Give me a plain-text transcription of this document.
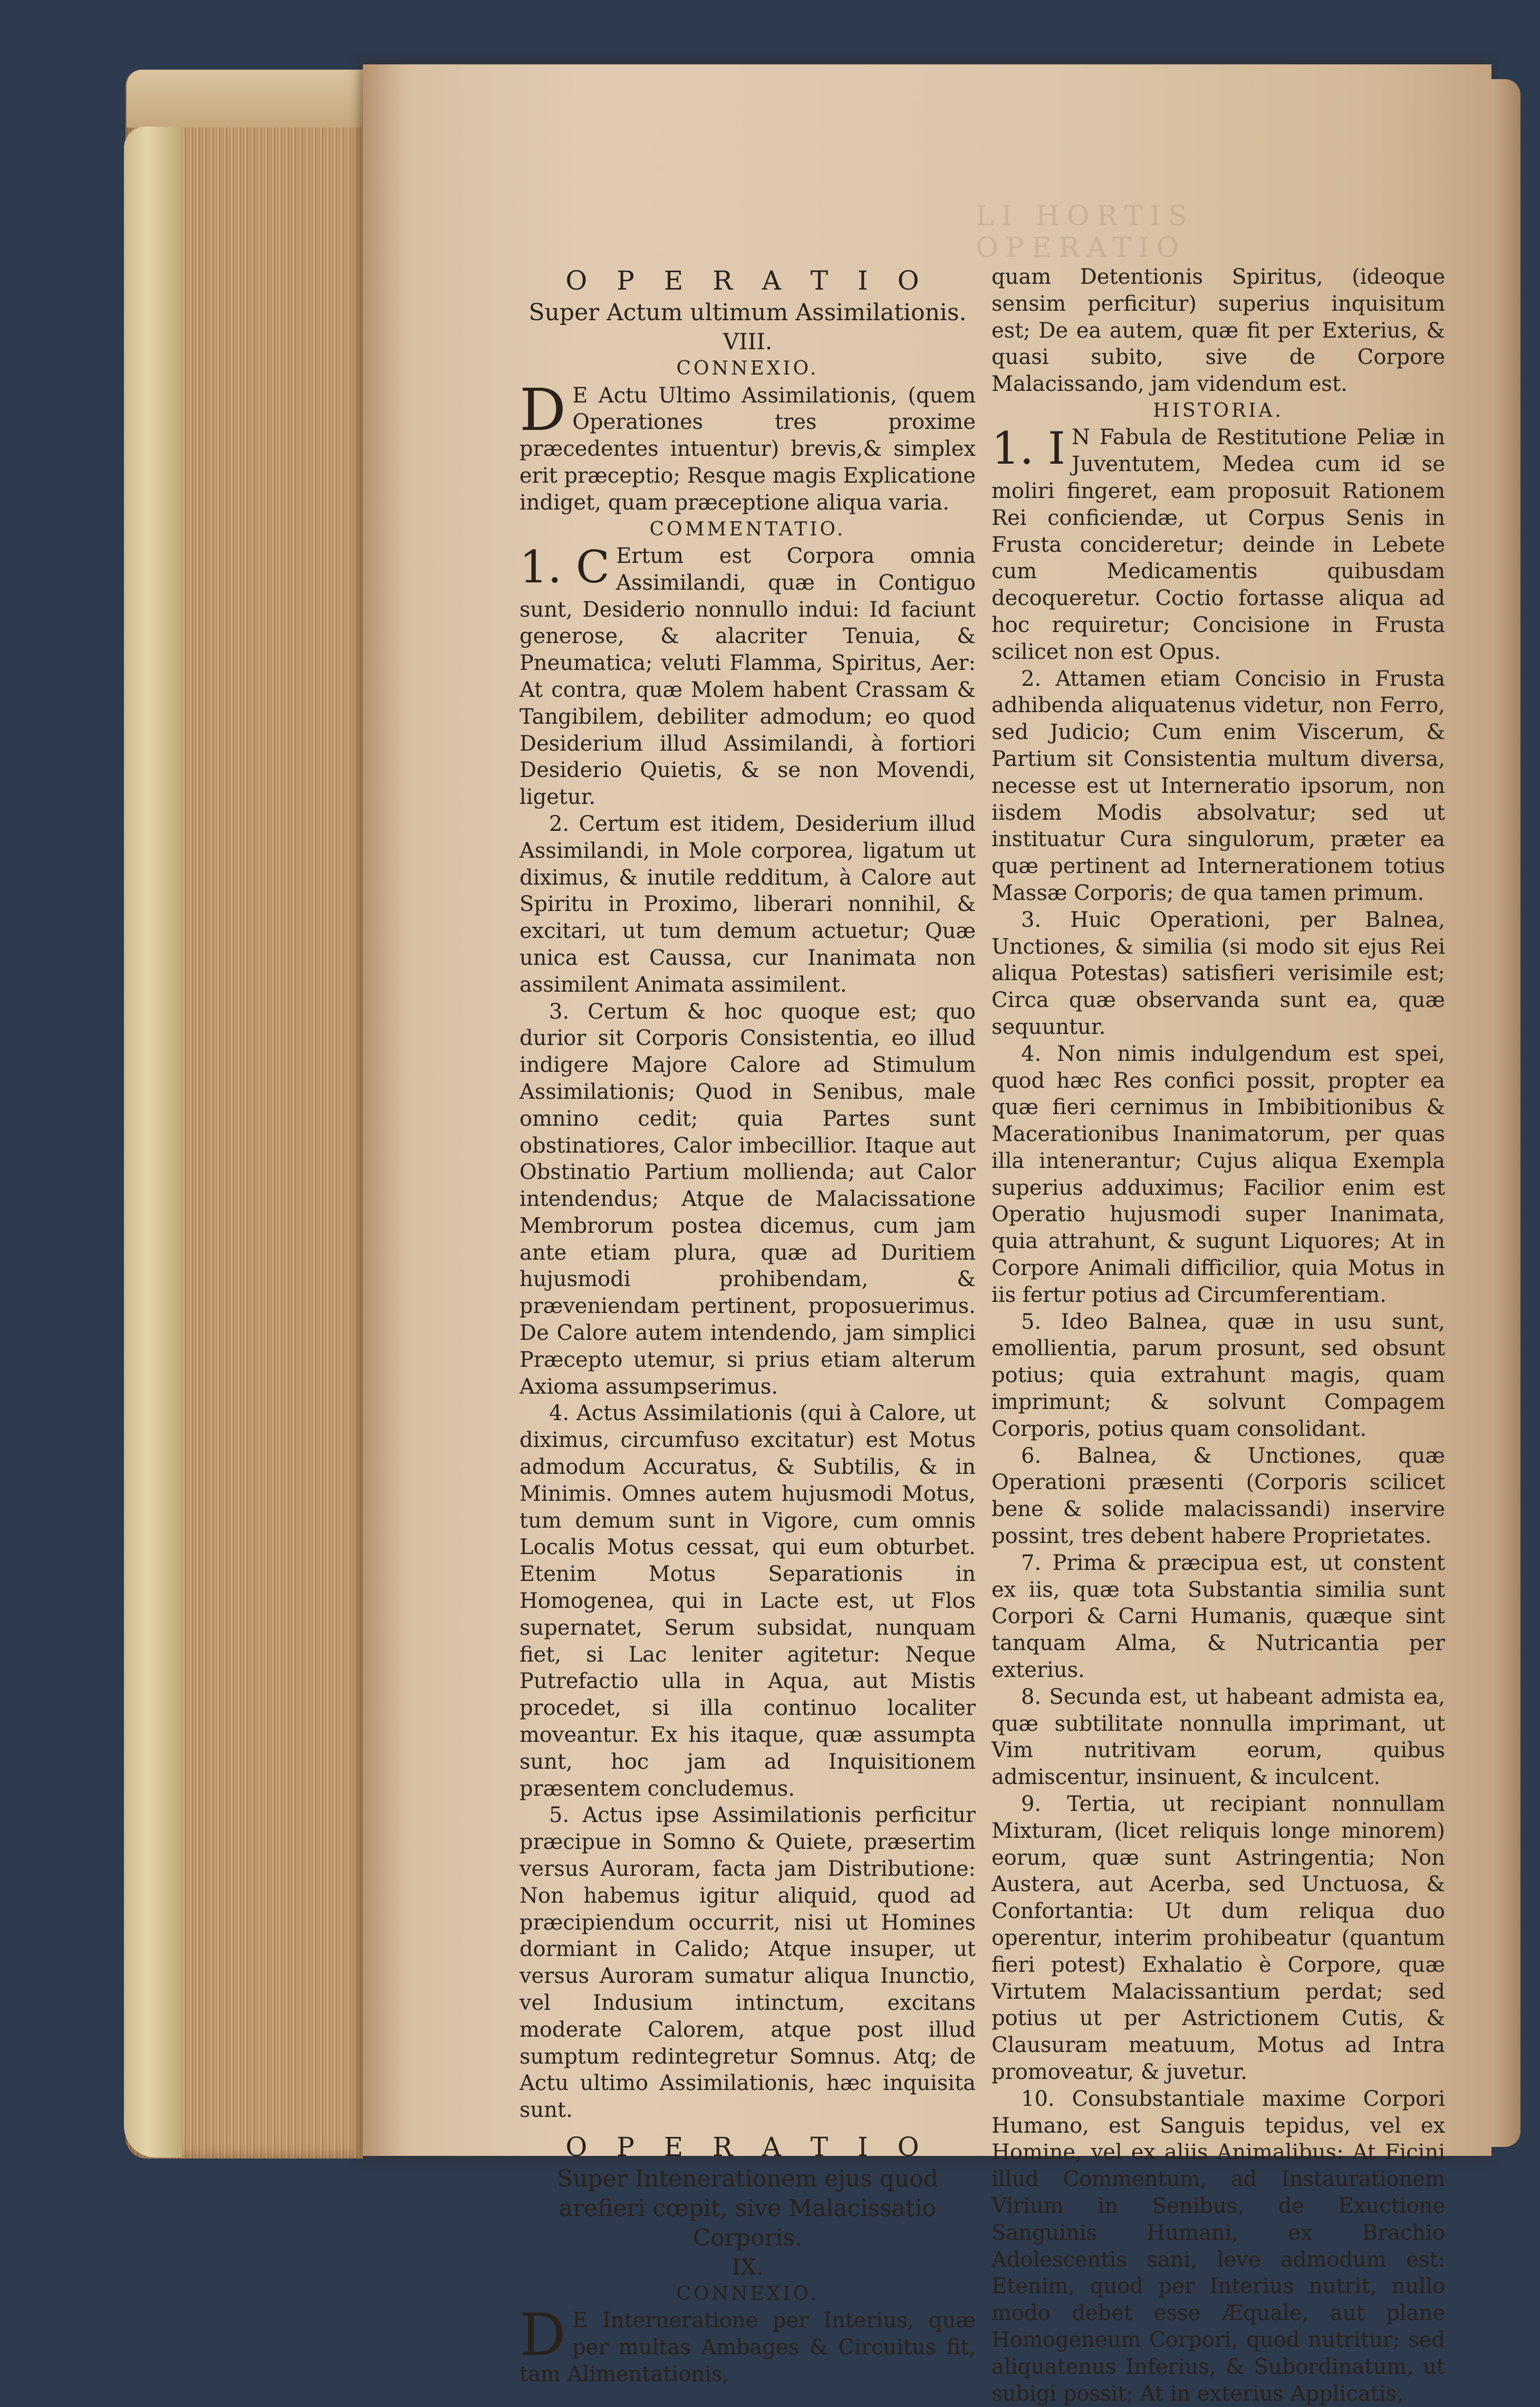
LI HORTIS OPERATIO

O P E R A T I O

Super Actum ultimum Assimilationis.

VIII.

CONNEXIO.

D E Actu Ultimo Assimilationis, (quem Operationes tres proxime præcedentes intuentur) brevis,& simplex erit præceptio; Resque magis Explicatione indiget, quam præceptione aliqua varia.

COMMENTATIO.

1. C Ertum est Corpora omnia Assimilandi, quæ in Contiguo sunt, Desiderio nonnullo indui: Id faciunt generose, & alacriter Tenuia, & Pneumatica; veluti Flamma, Spiritus, Aer: At contra, quæ Molem habent Crassam & Tangibilem, debiliter admodum; eo quod Desiderium illud Assimilandi, à fortiori Desiderio Quietis, & se non Movendi, ligetur.

2. Certum est itidem, Desiderium illud Assimilandi, in Mole corporea, ligatum ut diximus, & inutile redditum, à Calore aut Spiritu in Proximo, liberari nonnihil, & excitari, ut tum demum actuetur; Quæ unica est Caussa, cur Inanimata non assimilent Animata assimilent.

3. Certum & hoc quoque est; quo durior sit Corporis Consistentia, eo illud indigere Majore Calore ad Stimulum Assimilationis; Quod in Senibus, male omnino cedit; quia Partes sunt obstinatiores, Calor imbecillior. Itaque aut Obstinatio Partium mollienda; aut Calor intendendus; Atque de Malacissatione Membrorum postea dicemus, cum jam ante etiam plura, quæ ad Duritiem hujusmodi prohibendam, & præveniendam pertinent, proposuerimus. De Calore autem intendendo, jam simplici Præcepto utemur, si prius etiam alterum Axioma assumpserimus.

4. Actus Assimilationis (qui à Calore, ut diximus, circumfuso excitatur) est Motus admodum Accuratus, & Subtilis, & in Minimis. Omnes autem hujusmodi Motus, tum demum sunt in Vigore, cum omnis Localis Motus cessat, qui eum obturbet. Etenim Motus Separationis in Homogenea, qui in Lacte est, ut Flos supernatet, Serum subsidat, nunquam fiet, si Lac leniter agitetur: Neque Putrefactio ulla in Aqua, aut Mistis procedet, si illa continuo localiter moveantur. Ex his itaque, quæ assumpta sunt, hoc jam ad Inquisitionem præsentem concludemus.

5. Actus ipse Assimilationis perficitur præcipue in Somno & Quiete, præsertim versus Auroram, facta jam Distributione: Non habemus igitur aliquid, quod ad præcipiendum occurrit, nisi ut Homines dormiant in Calido; Atque insuper, ut versus Auroram sumatur aliqua Inunctio, vel Indusium intinctum, excitans moderate Calorem, atque post illud sumptum redintegretur Somnus. Atq; de Actu ultimo Assimilationis, hæc inquisita sunt.

O P E R A T I O

Super Intenerationem ejus quod arefieri cœpit, sive Malacissatio Corporis.

IX.

CONNEXIO.

D E Interneratione per Interius, quæ per multas Ambages & Circuitus fit, tam Alimentationis,

quam Detentionis Spiritus, (ideoque sensim perficitur) superius inquisitum est; De ea autem, quæ fit per Exterius, & quasi subito, sive de Corpore Malacissando, jam videndum est.

HISTORIA.

1. I N Fabula de Restitutione Peliæ in Juventutem, Medea cum id se moliri fingeret, eam proposuit Rationem Rei conficiendæ, ut Corpus Senis in Frusta concideretur; deinde in Lebete cum Medicamentis quibusdam decoqueretur. Coctio fortasse aliqua ad hoc requiretur; Concisione in Frusta scilicet non est Opus.

2. Attamen etiam Concisio in Frusta adhibenda aliquatenus videtur, non Ferro, sed Judicio; Cum enim Viscerum, & Partium sit Consistentia multum diversa, necesse est ut Interneratio ipsorum, non iisdem Modis absolvatur; sed ut instituatur Cura singulorum, præter ea quæ pertinent ad Internerationem totius Massæ Corporis; de qua tamen primum.

3. Huic Operationi, per Balnea, Unctiones, & similia (si modo sit ejus Rei aliqua Potestas) satisfieri verisimile est; Circa quæ observanda sunt ea, quæ sequuntur.

4. Non nimis indulgendum est spei, quod hæc Res confici possit, propter ea quæ fieri cernimus in Imbibitionibus & Macerationibus Inanimatorum, per quas illa intenerantur; Cujus aliqua Exempla superius adduximus; Facilior enim est Operatio hujusmodi super Inanimata, quia attrahunt, & sugunt Liquores; At in Corpore Animali difficilior, quia Motus in iis fertur potius ad Circumferentiam.

5. Ideo Balnea, quæ in usu sunt, emollientia, parum prosunt, sed obsunt potius; quia extrahunt magis, quam imprimunt; & solvunt Compagem Corporis, potius quam consolidant.

6. Balnea, & Unctiones, quæ Operationi præsenti (Corporis scilicet bene & solide malacissandi) inservire possint, tres debent habere Proprietates.

7. Prima & præcipua est, ut constent ex iis, quæ tota Substantia similia sunt Corpori & Carni Humanis, quæque sint tanquam Alma, & Nutricantia per exterius.

8. Secunda est, ut habeant admista ea, quæ subtilitate nonnulla imprimant, ut Vim nutritivam eorum, quibus admiscentur, insinuent, & inculcent.

9. Tertia, ut recipiant nonnullam Mixturam, (licet reliquis longe minorem) eorum, quæ sunt Astringentia; Non Austera, aut Acerba, sed Unctuosa, & Confortantia: Ut dum reliqua duo operentur, interim prohibeatur (quantum fieri potest) Exhalatio è Corpore, quæ Virtutem Malacissantium perdat; sed potius ut per Astrictionem Cutis, & Clausuram meatuum, Motus ad Intra promoveatur, & juvetur.

10. Consubstantiale maxime Corpori Humano, est Sanguis tepidus, vel ex Homine, vel ex aliis Animalibus: At Ficini illud Commentum, ad Instaurationem Virium in Senibus, de Exuctione Sanguinis Humani, ex Brachio Adolescentis sani, leve admodum est: Etenim, quod per Interius nutrit, nullo modo debet esse Æquale, aut plane Homogeneum Corpori, quod nutritur; sed aliquatenus Inferius, & Subordinatum, ut subigi possit; At in exterius Applicatis,
